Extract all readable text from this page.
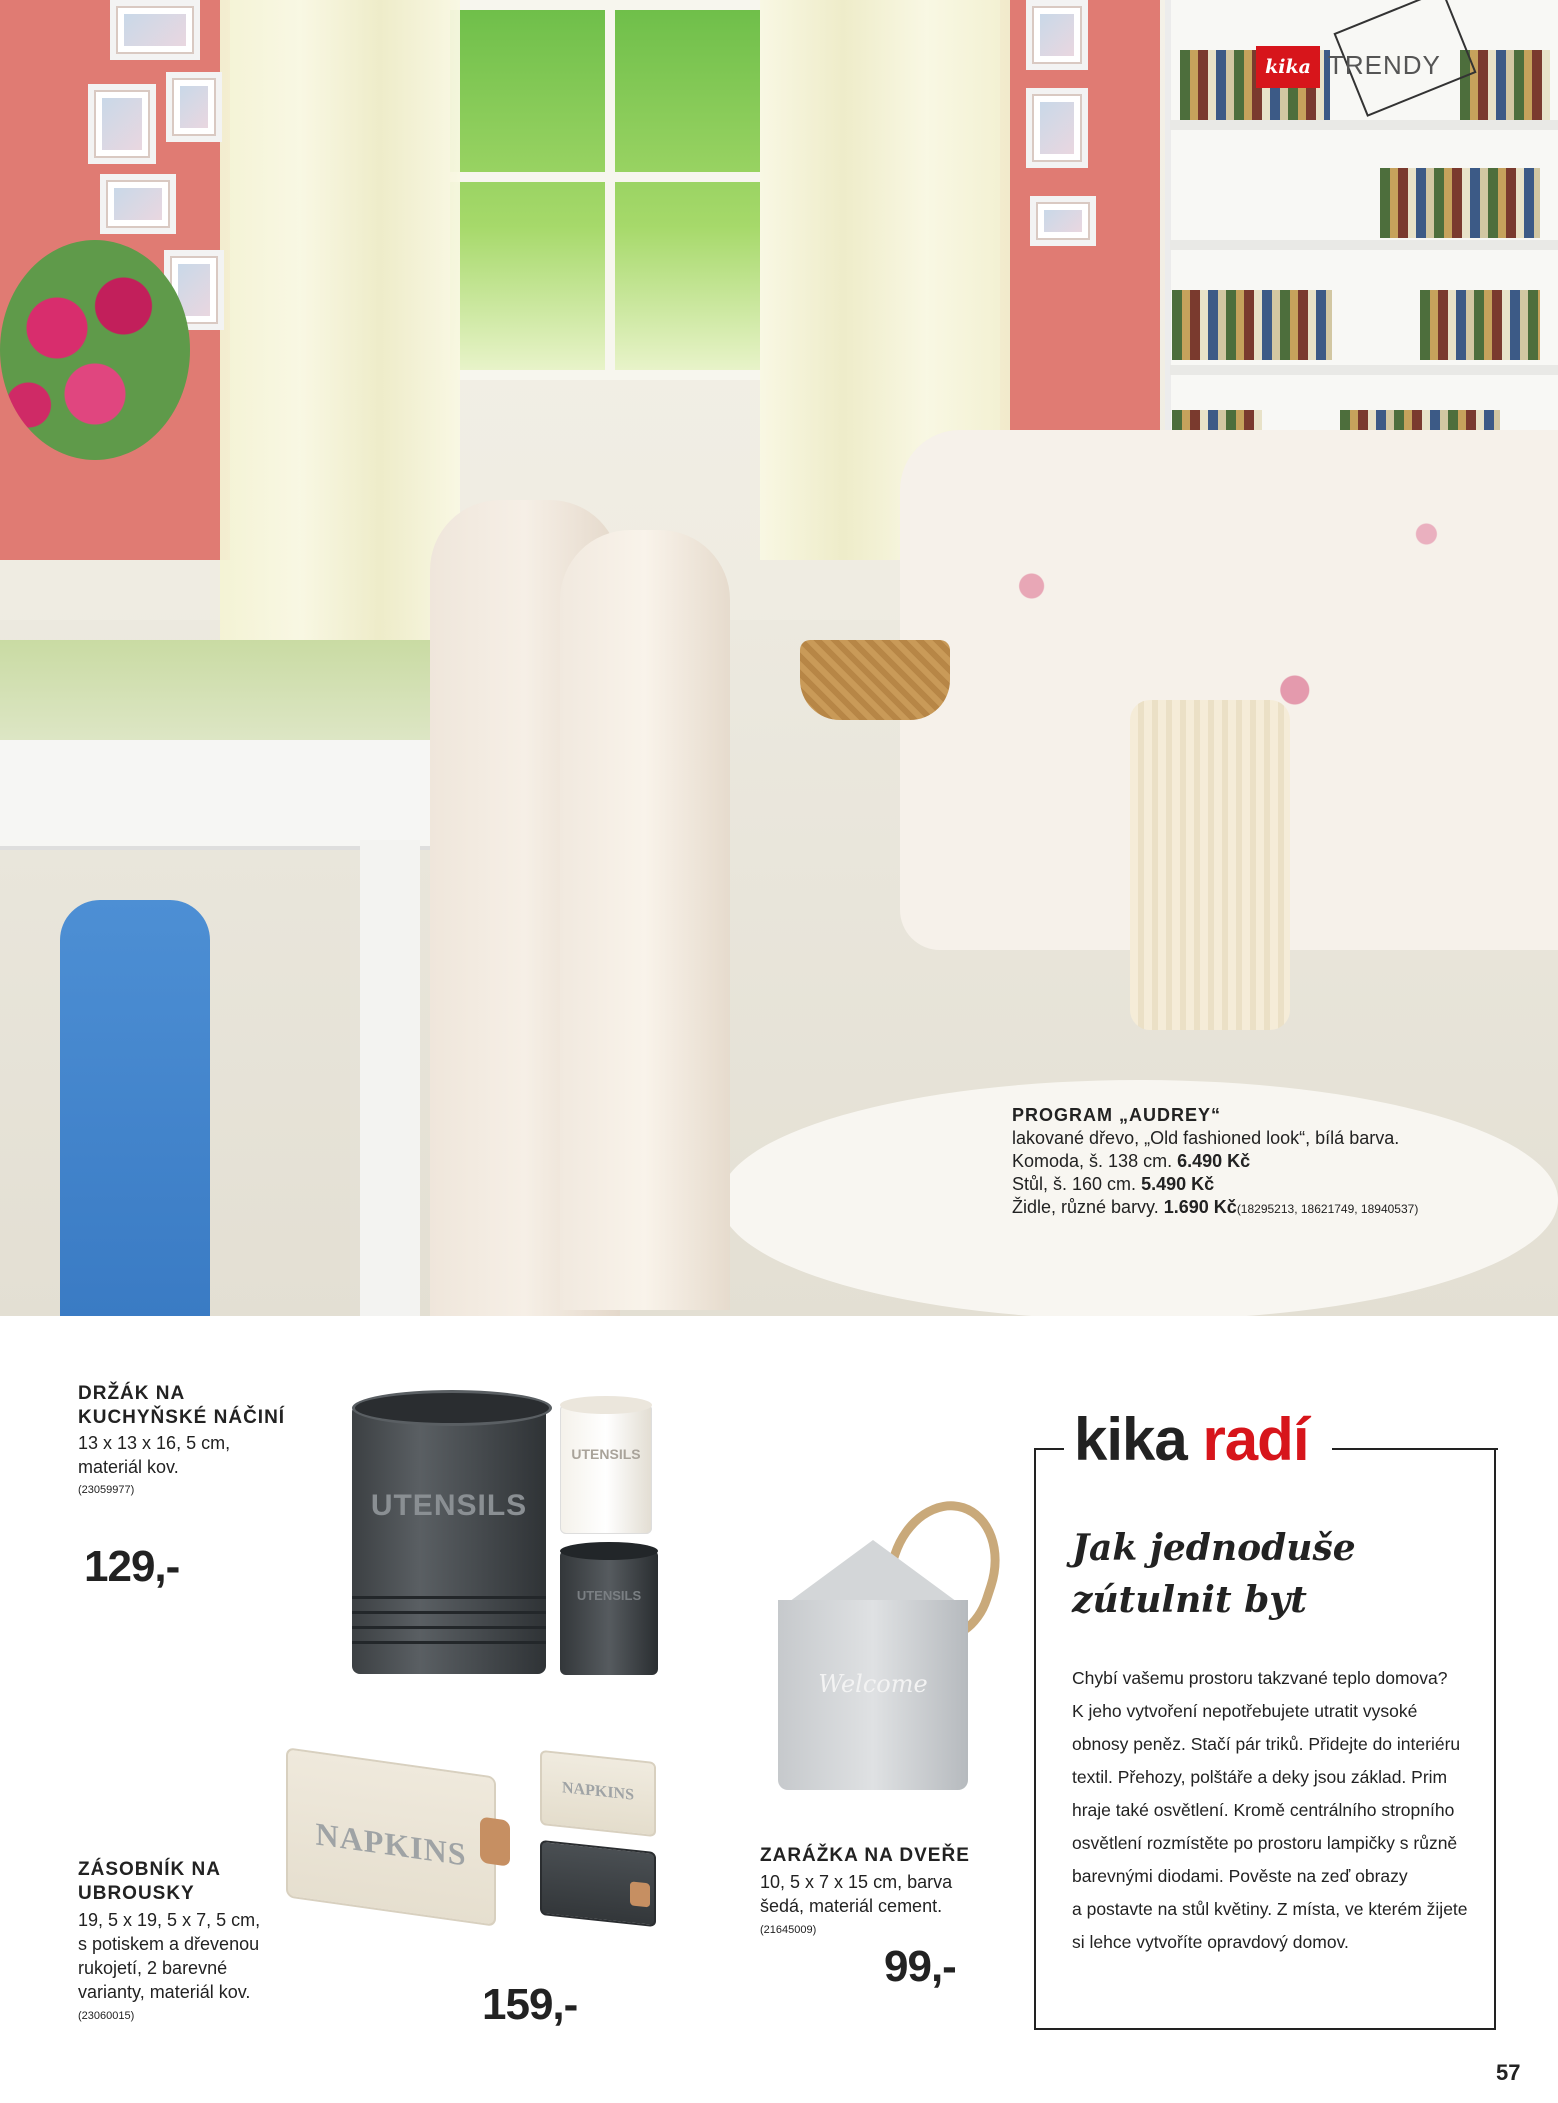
kika TRENDY
PROGRAM „AUDREY“
lakované dřevo, „Old fashioned look“, bílá barva.
Komoda, š. 138 cm. 6.490 Kč
Stůl, š. 160 cm. 5.490 Kč
Židle, různé barvy. 1.690 Kč(18295213, 18621749, 18940537)
DRŽÁK NA
KUCHYŇSKÉ NÁČINÍ
13 x 13 x 16, 5 cm,
materiál kov.
(23059977)
129,-
UTENSILS
UTENSILS
UTENSILS
NAPKINS
NAPKINS
ZÁSOBNÍK NA
UBROUSKY
19, 5 x 19, 5 x 7, 5 cm,
s potiskem a dřevenou
rukojetí, 2 barevné
varianty, materiál kov.
(23060015)	159,-
Welcome
ZARÁŽKA NA DVEŘE
10, 5 x 7 x 15 cm, barva
šedá, materiál cement.
(21645009)
99,-
kika radí
Jak jednoduše
zútulnit byt
Chybí vašemu prostoru takzvané teplo domova?
K jeho vytvoření nepotřebujete utratit vysoké
obnosy peněz. Stačí pár triků. Přidejte do interiéru
textil. Přehozy, polštáře a deky jsou základ. Prim
hraje také osvětlení. Kromě centrálního stropního
osvětlení rozmístěte po prostoru lampičky s různě
barevnými diodami. Pověste na zeď obrazy
a postavte na stůl květiny. Z místa, ve kterém žijete
si lehce vytvoříte opravdový domov.
57
